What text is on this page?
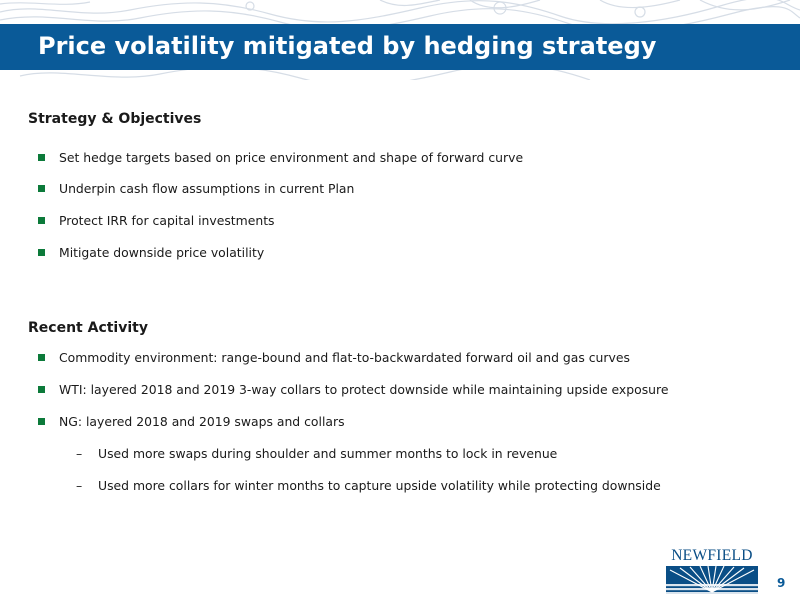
Price volatility mitigated by hedging strategy
Strategy & Objectives
Set hedge targets based on price environment and shape of forward curve
Underpin cash flow assumptions in current Plan
Protect IRR for capital investments
Mitigate downside price volatility
Recent Activity
Commodity environment: range-bound and flat-to-backwardated forward oil and gas curves
WTI: layered 2018 and 2019 3-way collars to protect downside while maintaining upside exposure
NG: layered 2018 and 2019 swaps and collars
–	Used more swaps during shoulder and summer months to lock in revenue
–	Used more collars for winter months to capture upside volatility while protecting downside
NEWFIELD
9
